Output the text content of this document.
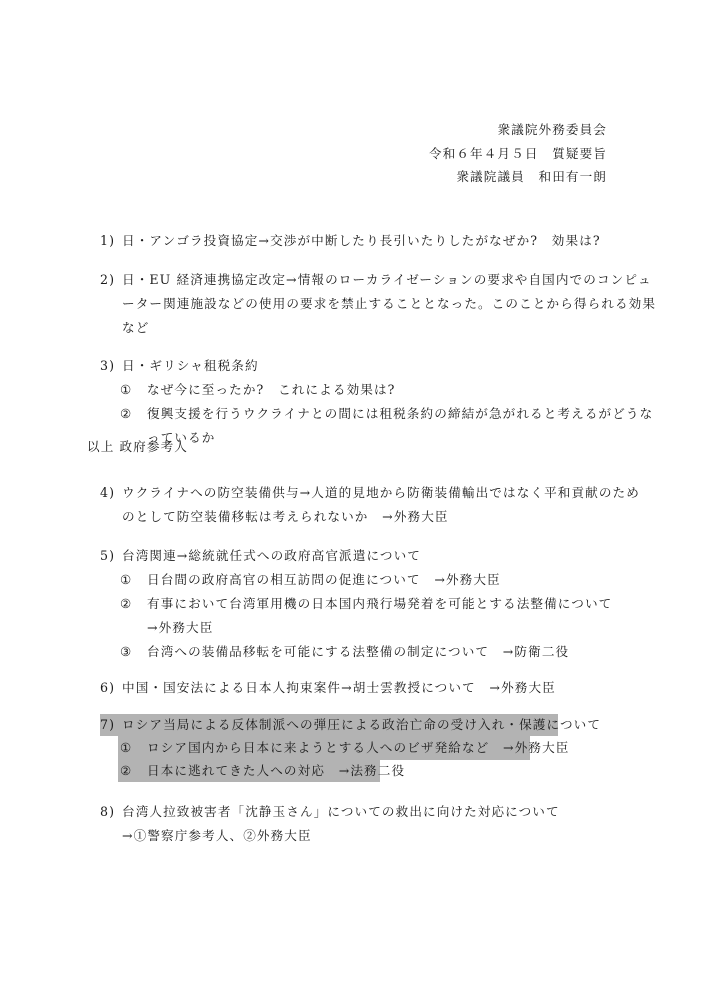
衆議院外務委員会
令和６年４月５日　質疑要旨
衆議院議員　和田有一朗
1) 日・アンゴラ投資協定→交渉が中断したり長引いたりしたがなぜか?　効果は?
2) 日・EU 経済連携協定改定→情報のローカライゼーションの要求や自国内でのコンピュ
ーター関連施設などの使用の要求を禁止することとなった。このことから得られる効果
など
3) 日・ギリシャ租税条約
① なぜ今に至ったか?　これによる効果は?
② 復興支援を行うウクライナとの間には租税条約の締結が急がれると考えるがどうな
っているか
以上 政府参考人
4) ウクライナへの防空装備供与→人道的見地から防衛装備輸出ではなく平和貢献のため
のとして防空装備移転は考えられないか　→外務大臣
5) 台湾関連→総統就任式への政府高官派遣について
① 日台間の政府高官の相互訪問の促進について　→外務大臣
② 有事において台湾軍用機の日本国内飛行場発着を可能とする法整備について
→外務大臣
③ 台湾への装備品移転を可能にする法整備の制定について　→防衛二役
6) 中国・国安法による日本人拘束案件→胡士雲教授について　→外務大臣
7) ロシア当局による反体制派への弾圧による政治亡命の受け入れ・保護について
① ロシア国内から日本に来ようとする人へのビザ発給など　→外務大臣
② 日本に逃れてきた人への対応　→法務二役
8) 台湾人拉致被害者「沈静玉さん」についての救出に向けた対応について
→①警察庁参考人、②外務大臣
